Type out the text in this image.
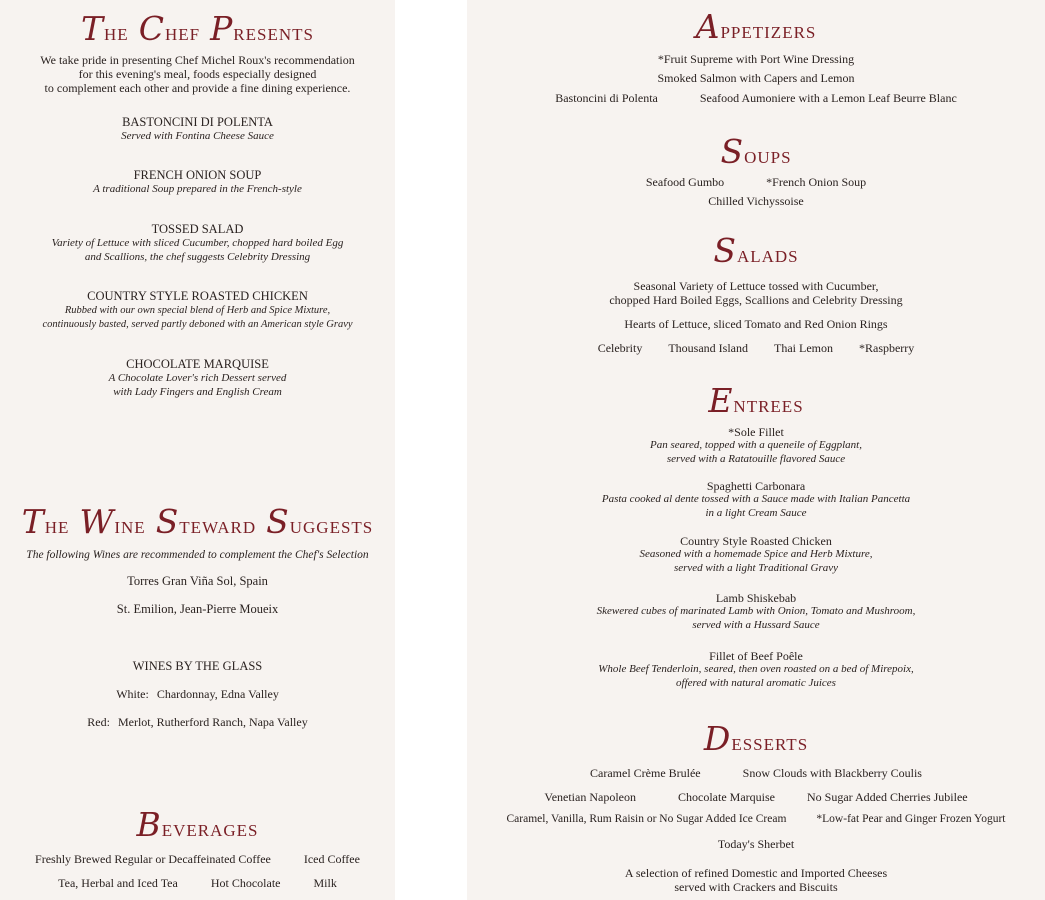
THE CHEF PRESENTS
We take pride in presenting Chef Michel Roux's recommendation
for this evening's meal, foods especially designed
to complement each other and provide a fine dining experience.
BASTONCINI DI POLENTA
Served with Fontina Cheese Sauce
FRENCH ONION SOUP
A traditional Soup prepared in the French-style
TOSSED SALAD
Variety of Lettuce with sliced Cucumber, chopped hard boiled Egg
and Scallions, the chef suggests Celebrity Dressing
COUNTRY STYLE ROASTED CHICKEN
Rubbed with our own special blend of Herb and Spice Mixture,
continuously basted, served partly deboned with an American style Gravy
CHOCOLATE MARQUISE
A Chocolate Lover's rich Dessert served
with Lady Fingers and English Cream
THE WINE STEWARD SUGGESTS
The following Wines are recommended to complement the Chef's Selection
Torres Gran Viña Sol, Spain
St. Emilion, Jean-Pierre Moueix
WINES BY THE GLASS
White: Chardonnay, Edna Valley
Red: Merlot, Rutherford Ranch, Napa Valley
BEVERAGES
Freshly Brewed Regular or Decaffeinated Coffee	Iced Coffee
Tea, Herbal and Iced Tea	Hot Chocolate	Milk
APPETIZERS
*Fruit Supreme with Port Wine Dressing
Smoked Salmon with Capers and Lemon
Bastoncini di Polenta	Seafood Aumoniere with a Lemon Leaf Beurre Blanc
SOUPS
Seafood Gumbo	*French Onion Soup
Chilled Vichyssoise
SALADS
Seasonal Variety of Lettuce tossed with Cucumber,
chopped Hard Boiled Eggs, Scallions and Celebrity Dressing
Hearts of Lettuce, sliced Tomato and Red Onion Rings
Celebrity Thousand Island Thai Lemon *Raspberry
ENTREES
*Sole Fillet
Pan seared, topped with a queneile of Eggplant,
served with a Ratatouille flavored Sauce
Spaghetti Carbonara
Pasta cooked al dente tossed with a Sauce made with Italian Pancetta
in a light Cream Sauce
Country Style Roasted Chicken
Seasoned with a homemade Spice and Herb Mixture,
served with a light Traditional Gravy
Lamb Shiskebab
Skewered cubes of marinated Lamb with Onion, Tomato and Mushroom,
served with a Hussard Sauce
Fillet of Beef Poêle
Whole Beef Tenderloin, seared, then oven roasted on a bed of Mirepoix,
offered with natural aromatic Juices
DESSERTS
Caramel Crème Brulée	Snow Clouds with Blackberry Coulis
Venetian Napoleon	Chocolate Marquise	No Sugar Added Cherries Jubilee
Caramel, Vanilla, Rum Raisin or No Sugar Added Ice Cream	*Low-fat Pear and Ginger Frozen Yogurt
Today's Sherbet
A selection of refined Domestic and Imported Cheeses
served with Crackers and Biscuits
